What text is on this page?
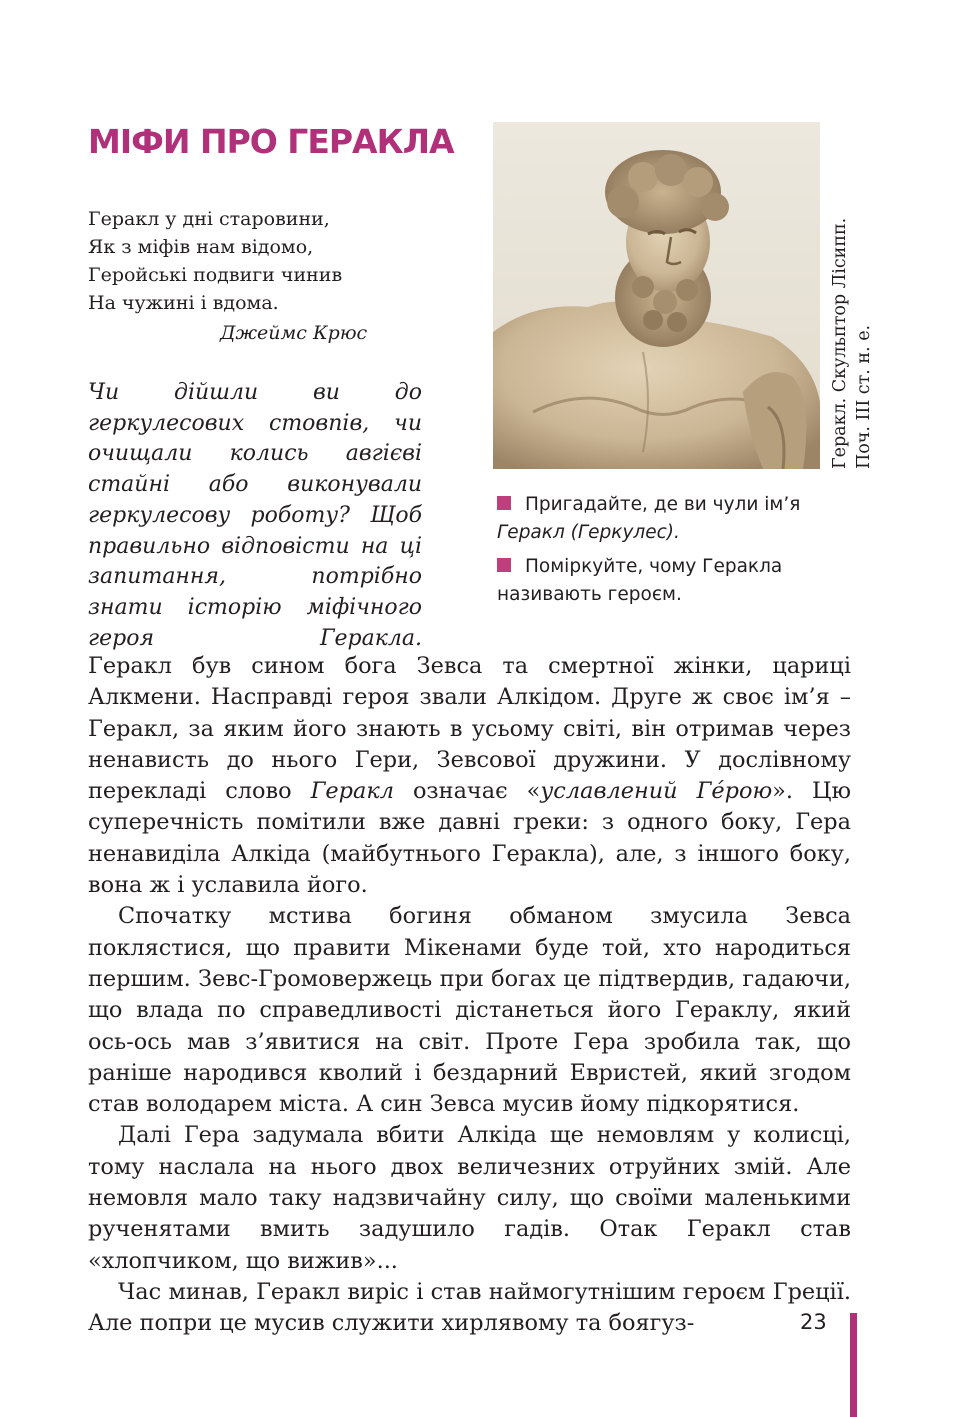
МІФИ ПРО ГЕРАКЛА
Геракл у дні старовини,
Як з міфів нам відомо,
Геройські подвиги чинив
На чужині і вдома.
Джеймс Крюс
Чи дійшли ви до геркулесових стовпів, чи очищали колись авгієві стайні або виконували геркулесову роботу? Щоб правильно відповісти на ці запитання, потрібно знати історію міфічного героя Геракла.
Геракл. Скульптор Лісипп. Поч. ІІІ ст. н. е.

Пригадайте, де ви чули ім’я Геракл (Геркулес).

Поміркуйте, чому Геракла називають героєм.

Геракл був сином бога Зевса та смертної жінки, цариці Алкмени. Насправді героя звали Алкідом. Друге ж своє ім’я – Геракл, за яким його знають в усьому світі, він отримав через ненависть до нього Гери, Зевсової дружини. У дослівному перекладі слово Геракл означає «уславлений Гéрою». Цю суперечність помітили вже давні греки: з одного боку, Гера ненавиділа Алкіда (майбутнього Геракла), але, з іншого боку, вона ж і уславила його.

Спочатку мстива богиня обманом змусила Зевса поклястися, що правити Мікенами буде той, хто народиться першим. Зевс-Громовержець при богах це підтвердив, гадаючи, що влада по справедливості дістанеться його Гераклу, який ось-ось мав з’явитися на світ. Проте Гера зробила так, що раніше народився кволий і бездарний Евристей, який згодом став володарем міста. А син Зевса мусив йому підкорятися.

Далі Гера задумала вбити Алкіда ще немовлям у колисці, тому наслала на нього двох величезних отруйних змій. Але немовля мало таку надзвичайну силу, що своїми маленькими рученятами вмить задушило гадів. Отак Геракл став «хлопчиком, що вижив»...

Час минав, Геракл виріс і став наймогутнішим героєм Греції. Але попри це мусив служити хирлявому та боягуз-	23
